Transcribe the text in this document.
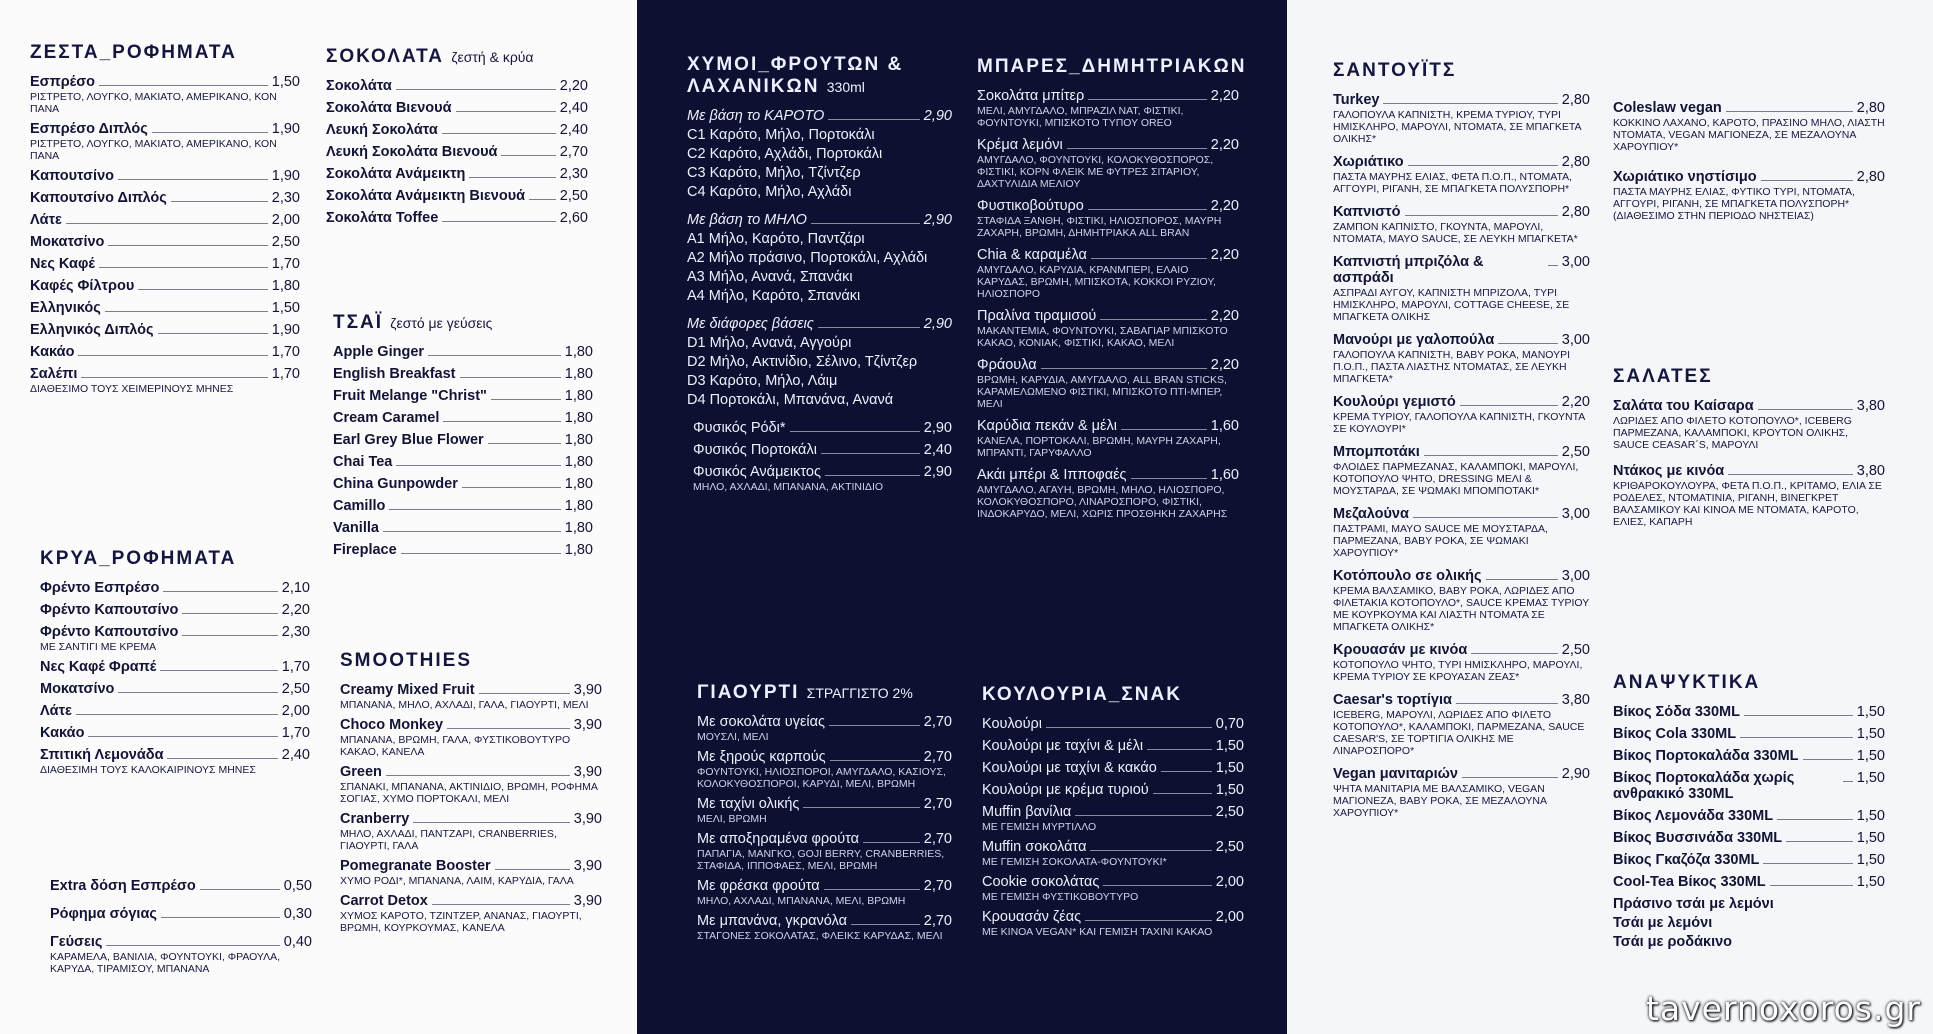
ΖΕΣΤΑ_ΡΟΦΗΜΑΤΑ
Εσπρέσο	1,50
ΡΙΣΤΡΕΤΟ, ΛΟΥΓΚΟ, ΜΑΚΙΑΤΟ, ΑΜΕΡΙΚΑΝΟ, ΚΟΝ ΠΑΝΑ
Εσπρέσο Διπλός	1,90
ΡΙΣΤΡΕΤΟ, ΛΟΥΓΚΟ, ΜΑΚΙΑΤΟ, ΑΜΕΡΙΚΑΝΟ, ΚΟΝ ΠΑΝΑ
Καπουτσίνο	1,90
Καπουτσίνο Διπλός	2,30
Λάτε	2,00
Μοκατσίνο	2,50
Νες Καφέ	1,70
Καφές Φίλτρου	1,80
Ελληνικός	1,50
Ελληνικός Διπλός	1,90
Κακάο	1,70
Σαλέπι	1,70
ΔΙΑΘΕΣΙΜΟ ΤΟΥΣ ΧΕΙΜΕΡΙΝΟΥΣ ΜΗΝΕΣ
ΚΡΥΑ_ΡΟΦΗΜΑΤΑ
Φρέντο Εσπρέσο	2,10
Φρέντο Καπουτσίνο	2,20
Φρέντο Καπουτσίνο	2,30
ΜΕ ΣΑΝΤΙΓΙ ΜΕ ΚΡΕΜΑ
Νες Καφέ Φραπέ	1,70
Μοκατσίνο	2,50
Λάτε	2,00
Κακάο	1,70
Σπιτική Λεμονάδα	2,40
ΔΙΑΘΕΣΙΜΗ ΤΟΥΣ ΚΑΛΟΚΑΙΡΙΝΟΥΣ ΜΗΝΕΣ
Extra δόση Εσπρέσο	0,50
Ρόφημα σόγιας	0,30
Γεύσεις	0,40
ΚΑΡΑΜΕΛΑ, ΒΑΝΙΛΙΑ, ΦΟΥΝΤΟΥΚΙ, ΦΡΑΟΥΛΑ, ΚΑΡΥΔΑ, ΤΙΡΑΜΙΣΟΥ, ΜΠΑΝΑΝΑ
ΣΟΚΟΛΑΤΑ ζεστή & κρύα
Σοκολάτα	2,20
Σοκολάτα Βιενουά	2,40
Λευκή Σοκολάτα	2,40
Λευκή Σοκολάτα Βιενουά	2,70
Σοκολάτα Ανάμεικτη	2,30
Σοκολάτα Ανάμεικτη Βιενουά 2,50
Σοκολάτα Toffee	2,60
ΤΣΑΪ ζεστό με γεύσεις
Apple Ginger	1,80
English Breakfast	1,80
Fruit Melange "Christ"	1,80
Cream Caramel	1,80
Earl Grey Blue Flower	1,80
Chai Tea	1,80
China Gunpowder	1,80
Camillo	1,80
Vanilla	1,80
Fireplace	1,80
SMOOTHIES
Creamy Mixed Fruit	3,90
ΜΠΑΝΑΝΑ, ΜΗΛΟ, ΑΧΛΑΔΙ, ΓΑΛΑ, ΓΙΑΟΥΡΤΙ, ΜΕΛΙ
Choco Monkey	3,90
ΜΠΑΝΑΝΑ, ΒΡΩΜΗ, ΓΑΛΑ, ΦΥΣΤΙΚΟΒΟΥΤΥΡΟ ΚΑΚΑΟ, ΚΑΝΕΛΑ
Green	3,90
ΣΠΑΝΑΚΙ, ΜΠΑΝΑΝΑ, ΑΚΤΙΝΙΔΙΟ, ΒΡΩΜΗ, ΡΟΦΗΜΑ ΣΟΓΙΑΣ, ΧΥΜΟ ΠΟΡΤΟΚΑΛΙ, ΜΕΛΙ
Cranberry	3,90
ΜΗΛΟ, ΑΧΛΑΔΙ, ΠΑΝΤΖΑΡΙ, CRANBERRIES, ΓΙΑΟΥΡΤΙ, ΓΑΛΑ
Pomegranate Booster	3,90
ΧΥΜΟ ΡΟΔΙ*, ΜΠΑΝΑΝΑ, ΛΑΙΜ, ΚΑΡΥΔΙΑ, ΓΑΛΑ
Carrot Detox	3,90
ΧΥΜΟΣ ΚΑΡΟΤΟ, ΤΖΙΝΤΖΕΡ, ΑΝΑΝΑΣ, ΓΙΑΟΥΡΤΙ, ΒΡΩΜΗ, ΚΟΥΡΚΟΥΜΑΣ, ΚΑΝΕΛΑ
ΧΥΜΟΙ_ΦΡΟΥΤΩΝ &
ΛΑΧΑΝΙΚΩΝ 330ml
Με βάση το ΚΑΡΟΤΟ	2,90
C1 Καρότο, Μήλο, Πορτοκάλι
C2 Καρότο, Αχλάδι, Πορτοκάλι
C3 Καρότο, Μήλο, Τζίντζερ
C4 Καρότο, Μήλο, Αχλάδι
Με βάση το ΜΗΛΟ	2,90
A1 Μήλο, Καρότο, Παντζάρι
A2 Μήλο πράσινο, Πορτοκάλι, Αχλάδι
A3 Μήλο, Ανανά, Σπανάκι
A4 Μήλο, Καρότο, Σπανάκι
Με διάφορες βάσεις	2,90
D1 Μήλο, Ανανά, Αγγούρι
D2 Μήλο, Ακτινίδιο, Σέλινο, Τζίντζερ
D3 Καρότο, Μήλο, Λάιμ
D4 Πορτοκάλι, Μπανάνα, Ανανά
Φυσικός Ρόδι*	2,90
Φυσικός Πορτοκάλι	2,40
Φυσικός Ανάμεικτος	2,90
ΜΗΛΟ, ΑΧΛΑΔΙ, ΜΠΑΝΑΝΑ, ΑΚΤΙΝΙΔΙΟ
ΓΙΑΟΥΡΤΙ ΣΤΡΑΓΓΙΣΤΟ 2%
Με σοκολάτα υγείας	2,70
ΜΟΥΣΛΙ, ΜΕΛΙ
Με ξηρούς καρπούς	2,70
ΦΟΥΝΤΟΥΚΙ, ΗΛΙΟΣΠΟΡΟΙ, ΑΜΥΓΔΑΛΟ, ΚΑΣΙΟΥΣ, ΚΟΛΟΚΥΘΟΣΠΟΡΟΙ, ΚΑΡΥΔΙ, ΜΕΛΙ, ΒΡΩΜΗ
Με ταχίνι ολικής	2,70
ΜΕΛΙ, ΒΡΩΜΗ
Με αποξηραμένα φρούτα	2,70
ΠΑΠΑΓΙΑ, ΜΑΝΓΚΟ, GOJI BERRY, CRANBERRIES, ΣΤΑΦΙΔΑ, ΙΠΠΟΦΑΕΣ, ΜΕΛΙ, ΒΡΩΜΗ
Με φρέσκα φρούτα	2,70
ΜΗΛΟ, ΑΧΛΑΔΙ, ΜΠΑΝΑΝΑ, ΜΕΛΙ, ΒΡΩΜΗ
Με μπανάνα, γκρανόλα	2,70
ΣΤΑΓΟΝΕΣ ΣΟΚΟΛΑΤΑΣ, ΦΛΕΙΚΣ ΚΑΡΥΔΑΣ, ΜΕΛΙ
ΜΠΑΡΕΣ_ΔΗΜΗΤΡΙΑΚΩΝ
Σοκολάτα μπίτερ	2,20
ΜΕΛΙ, ΑΜΥΓΔΑΛΟ, ΜΠΡΑΖΙΛ ΝΑΤ, ΦΙΣΤΙΚΙ, ΦΟΥΝΤΟΥΚΙ, ΜΠΙΣΚΟΤΟ ΤΥΠΟΥ OREO
Κρέμα λεμόνι	2,20
ΑΜΥΓΔΑΛΟ, ΦΟΥΝΤΟΥΚΙ, ΚΟΛΟΚΥΘΟΣΠΟΡΟΣ, ΦΙΣΤΙΚΙ, ΚΟΡΝ ΦΛΕΙΚ ΜΕ ΦΥΤΡΕΣ ΣΙΤΑΡΙΟΥ, ΔΑΧΤΥΛΙΔΙΑ ΜΕΛΙΟΥ
Φυστικοβούτυρο	2,20
ΣΤΑΦΙΔΑ ΞΑΝΘΗ, ΦΙΣΤΙΚΙ, ΗΛΙΟΣΠΟΡΟΣ, ΜΑΥΡΗ ΖΑΧΑΡΗ, ΒΡΩΜΗ, ΔΗΜΗΤΡΙΑΚΑ ALL BRAN
Chia & καραμέλα	2,20
ΑΜΥΓΔΑΛΟ, ΚΑΡΥΔΙΑ, ΚΡΑΝΜΠΕΡΙ, ΕΛΑΙΟ ΚΑΡΥΔΑΣ, ΒΡΩΜΗ, ΜΠΙΣΚΟΤΑ, ΚΟΚΚΟΙ ΡΥΖΙΟΥ, ΗΛΙΟΣΠΟΡΟ
Πραλίνα τιραμισού	2,20
ΜΑΚΑΝΤΕΜΙΑ, ΦΟΥΝΤΟΥΚΙ, ΣΑΒΑΓΙΑΡ ΜΠΙΣΚΟΤΟ ΚΑΚΑΟ, ΚΟΝΙΑΚ, ΦΙΣΤΙΚΙ, ΚΑΚΑΟ, ΜΕΛΙ
Φράουλα	2,20
ΒΡΩΜΗ, ΚΑΡΥΔΙΑ, ΑΜΥΓΔΑΛΟ, ALL BRAN STICKS, ΚΑΡΑΜΕΛΩΜΕΝΟ ΦΙΣΤΙΚΙ, ΜΠΙΣΚΟΤΟ ΠΤΙ-ΜΠΕΡ, ΜΕΛΙ
Καρύδια πεκάν & μέλι	1,60
ΚΑΝΕΛΑ, ΠΟΡΤΟΚΑΛΙ, ΒΡΩΜΗ, ΜΑΥΡΗ ΖΑΧΑΡΗ, ΜΠΡΑΝΤΙ, ΓΑΡΥΦΑΛΛΟ
Ακάι μπέρι & Ιπποφαές	1,60
ΑΜΥΓΔΑΛΟ, ΑΓΑΥΗ, ΒΡΩΜΗ, ΜΗΛΟ, ΗΛΙΟΣΠΟΡΟ, ΚΟΛΟΚΥΘΟΣΠΟΡΟ, ΛΙΝΑΡΟΣΠΟΡΟ, ΦΙΣΤΙΚΙ, ΙΝΔΟΚΑΡΥΔΟ, ΜΕΛΙ, ΧΩΡΙΣ ΠΡΟΣΘΗΚΗ ΖΑΧΑΡΗΣ
ΚΟΥΛΟΥΡΙΑ_ΣΝΑΚ
Κουλούρι	0,70
Κουλούρι με ταχίνι & μέλι	1,50
Κουλούρι με ταχίνι & κακάο	1,50
Κουλούρι με κρέμα τυριού	1,50
Muffin βανίλια	2,50
ΜΕ ΓΕΜΙΣΗ ΜΥΡΤΙΛΛΟ
Muffin σοκολάτα	2,50
ΜΕ ΓΕΜΙΣΗ ΣΟΚΟΛΑΤΑ-ΦΟΥΝΤΟΥΚΙ*
Cookie σοκολάτας	2,00
ΜΕ ΓΕΜΙΣΗ ΦΥΣΤΙΚΟΒΟΥΤΥΡΟ
Κρουασάν ζέας	2,00
ΜΕ ΚΙΝΟΑ VEGAN* ΚΑΙ ΓΕΜΙΣΗ ΤΑΧΙΝΙ ΚΑΚΑΟ
ΣΑΝΤΟΥΪΤΣ
Turkey	2,80
ΓΑΛΟΠΟΥΛΑ ΚΑΠΝΙΣΤΗ, ΚΡΕΜΑ ΤΥΡΙΟΥ, ΤΥΡΙ ΗΜΙΣΚΛΗΡΟ, ΜΑΡΟΥΛΙ, ΝΤΟΜΑΤΑ, ΣΕ ΜΠΑΓΚΕΤΑ ΟΛΙΚΗΣ*
Χωριάτικο	2,80
ΠΑΣΤΑ ΜΑΥΡΗΣ ΕΛΙΑΣ, ΦΕΤΑ Π.Ο.Π., ΝΤΟΜΑΤΑ, ΑΓΓΟΥΡΙ, ΡΙΓΑΝΗ, ΣΕ ΜΠΑΓΚΕΤΑ ΠΟΛΥΣΠΟΡΗ*
Καπνιστό	2,80
ΖΑΜΠΟΝ ΚΑΠΝΙΣΤΟ, ΓΚΟΥΝΤΑ, ΜΑΡΟΥΛΙ, ΝΤΟΜΑΤΑ, MAYO SAUCE, ΣΕ ΛΕΥΚΗ ΜΠΑΓΚΕΤΑ*
Καπνιστή μπριζόλα & ασπράδι
3,00
ΑΣΠΡΑΔΙ ΑΥΓΟΥ, ΚΑΠΝΙΣΤΗ ΜΠΡΙΖΟΛΑ, ΤΥΡΙ ΗΜΙΣΚΛΗΡΟ, ΜΑΡΟΥΛΙ, COTTAGE CHEESE, ΣΕ ΜΠΑΓΚΕΤΑ ΟΛΙΚΗΣ
Μανούρι με γαλοπούλα	3,00
ΓΑΛΟΠΟΥΛΑ ΚΑΠΝΙΣΤΗ, BABY ΡΟΚΑ, ΜΑΝΟΥΡΙ Π.Ο.Π., ΠΑΣΤΑ ΛΙΑΣΤΗΣ ΝΤΟΜΑΤΑΣ, ΣΕ ΛΕΥΚΗ ΜΠΑΓΚΕΤΑ*
Κουλούρι γεμιστό	2,20
ΚΡΕΜΑ ΤΥΡΙΟΥ, ΓΑΛΟΠΟΥΛΑ ΚΑΠΝΙΣΤΗ, ΓΚΟΥΝΤΑ ΣΕ ΚΟΥΛΟΥΡΙ*
Μπομποτάκι	2,50
ΦΛΟΙΔΕΣ ΠΑΡΜΕΖΑΝΑΣ, ΚΑΛΑΜΠΟΚΙ, ΜΑΡΟΥΛΙ, ΚΟΤΟΠΟΥΛΟ ΨΗΤΟ, DRESSING ΜΕΛΙ & ΜΟΥΣΤΑΡΔΑ, ΣΕ ΨΩΜΑΚΙ ΜΠΟΜΠΟΤΑΚΙ*
Μεζαλούνα	3,00
ΠΑΣΤΡΑΜΙ, MAYO SAUCE ΜΕ ΜΟΥΣΤΑΡΔΑ, ΠΑΡΜΕΖΑΝΑ, BABY ΡΟΚΑ, ΣΕ ΨΩΜΑΚΙ ΧΑΡΟΥΠΙΟΥ*
Κοτόπουλο σε ολικής	3,00
ΚΡΕΜΑ ΒΑΛΣΑΜΙΚΟ, BABY ΡΟΚΑ, ΛΩΡΙΔΕΣ ΑΠΟ ΦΙΛΕΤΑΚΙΑ ΚΟΤΟΠΟΥΛΟ*, SAUCE ΚΡΕΜΑΣ ΤΥΡΙΟΥ ΜΕ ΚΟΥΡΚΟΥΜΑ ΚΑΙ ΛΙΑΣΤΗ ΝΤΟΜΑΤΑ ΣΕ ΜΠΑΓΚΕΤΑ ΟΛΙΚΗΣ*
Κρουασάν με κινόα	2,50
ΚΟΤΟΠΟΥΛΟ ΨΗΤΟ, ΤΥΡΙ ΗΜΙΣΚΛΗΡΟ, ΜΑΡΟΥΛΙ, ΚΡΕΜΑ ΤΥΡΙΟΥ ΣΕ ΚΡΟΥΑΣΑΝ ΖΕΑΣ*
Caesar's τορτίγια	3,80
ICEBERG, ΜΑΡΟΥΛΙ, ΛΩΡΙΔΕΣ ΑΠΟ ΦΙΛΕΤΟ ΚΟΤΟΠΟΥΛΟ*, ΚΑΛΑΜΠΟΚΙ, ΠΑΡΜΕΖΑΝΑ, SAUCE CAESAR'S, ΣΕ ΤΟΡΤΙΓΙΑ ΟΛΙΚΗΣ ΜΕ ΛΙΝΑΡΟΣΠΟΡΟ*
Vegan μανιταριών	2,90
ΨΗΤΑ ΜΑΝΙΤΑΡΙΑ ΜΕ ΒΑΛΣΑΜΙΚΟ, VEGAN ΜΑΓΙΟΝΕΖΑ, BABY ΡΟΚΑ, ΣΕ ΜΕΖΑΛΟΥΝΑ ΧΑΡΟΥΠΙΟΥ*
Coleslaw vegan	2,80
ΚΟΚΚΙΝΟ ΛΑΧΑΝΟ, ΚΑΡΟΤΟ, ΠΡΑΣΙΝΟ ΜΗΛΟ, ΛΙΑΣΤΗ ΝΤΟΜΑΤΑ, VEGAN ΜΑΓΙΟΝΕΖΑ, ΣΕ ΜΕΖΑΛΟΥΝΑ ΧΑΡΟΥΠΙΟΥ*
Χωριάτικο νηστίσιμο	2,80
ΠΑΣΤΑ ΜΑΥΡΗΣ ΕΛΙΑΣ, ΦΥΤΙΚΟ ΤΥΡΙ, ΝΤΟΜΑΤΑ, ΑΓΓΟΥΡΙ, ΡΙΓΑΝΗ, ΣΕ ΜΠΑΓΚΕΤΑ ΠΟΛΥΣΠΟΡΗ* (ΔΙΑΘΕΣΙΜΟ ΣΤΗΝ ΠΕΡΙΟΔΟ ΝΗΣΤΕΙΑΣ)
ΣΑΛΑΤΕΣ
Σαλάτα του Καίσαρα	3,80
ΛΩΡΙΔΕΣ ΑΠΟ ΦΙΛΕΤΟ ΚΟΤΟΠΟΥΛΟ*, ICEBERG ΠΑΡΜΕΖΑΝΑ, ΚΑΛΑΜΠΟΚΙ, ΚΡΟΥΤΟΝ ΟΛΙΚΗΣ, SAUCE CEASAR΄S, ΜΑΡΟΥΛΙ
Ντάκος με κινόα	3,80
ΚΡΙΘΑΡΟΚΟΥΛΟΥΡΑ, ΦΕΤΑ Π.Ο.Π., ΚΡΙΤΑΜΟ, ΕΛΙΑ ΣΕ ΡΟΔΕΛΕΣ, ΝΤΟΜΑΤΙΝΙΑ, ΡΙΓΑΝΗ, ΒΙΝΕΓΚΡΕΤ ΒΑΛΣΑΜΙΚΟΥ ΚΑΙ ΚΙΝΟΑ ΜΕ ΝΤΟΜΑΤΑ, ΚΑΡΟΤΟ, ΕΛΙΕΣ, ΚΑΠΑΡΗ
ΑΝΑΨΥΚΤΙΚΑ
Βίκος Σόδα 330ML	1,50
Βίκος Cola 330ML	1,50
Βίκος Πορτοκαλάδα 330ML	1,50
Βίκος Πορτοκαλάδα χωρίς ανθρακικό 330ML
1,50
Βίκος Λεμονάδα 330ML	1,50
Βίκος Βυσσινάδα 330ML	1,50
Βίκος Γκαζόζα 330ML	1,50
Cool-Tea Βίκος 330ML	1,50
Πράσινο τσάι με λεμόνι
Τσάι με λεμόνι
Τσάι με ροδάκινο
tavernoxoros.gr
